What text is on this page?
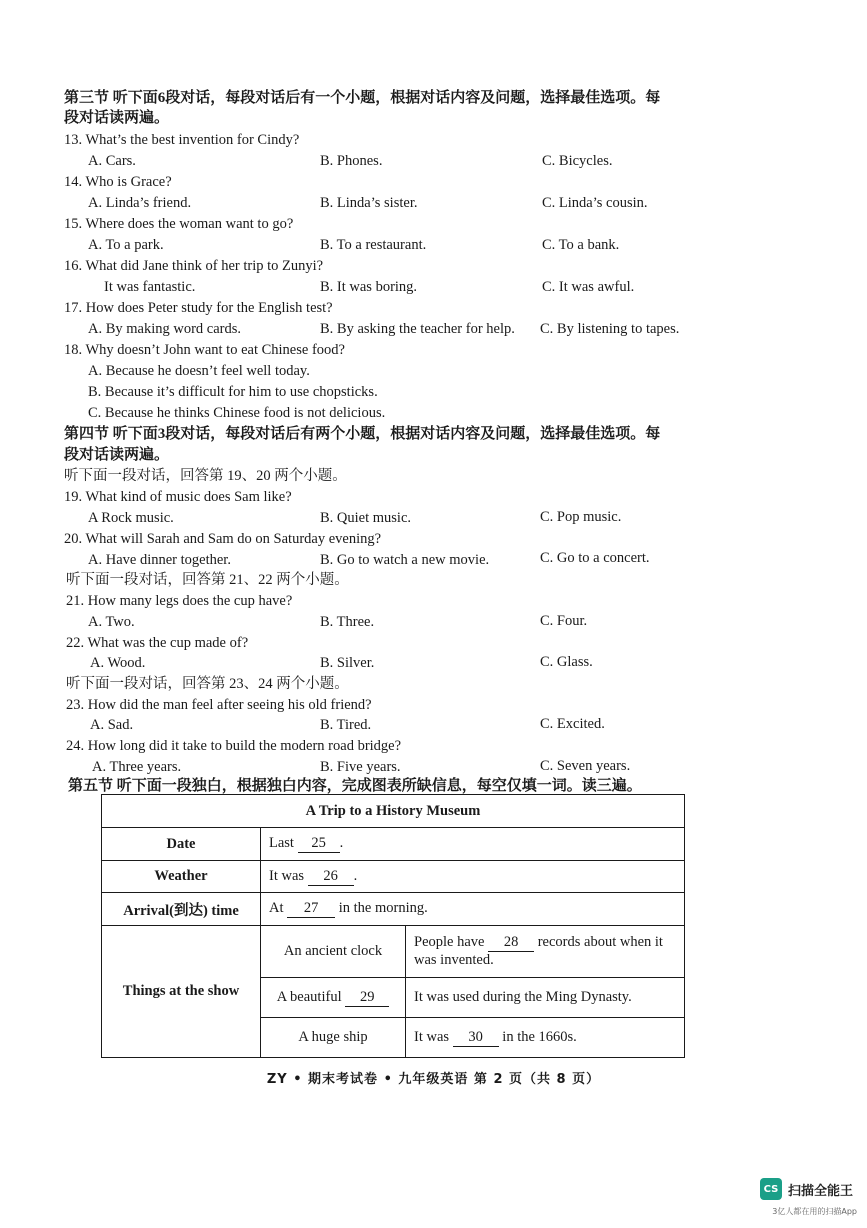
第三节 听下面6段对话，每段对话后有一个小题，根据对话内容及问题，选择最佳选项。每
段对话读两遍。
13. What’s the best invention for Cindy?
A. Cars.	B. Phones.	C. Bicycles.
14. Who is Grace?
A. Linda’s friend.	B. Linda’s sister.	C. Linda’s cousin.
15. Where does the woman want to go?
A. To a park.	B. To a restaurant.	C. To a bank.
16. What did Jane think of her trip to Zunyi?
It was fantastic.	B. It was boring.	C. It was awful.
17. How does Peter study for the English test?
A. By making word cards.	B. By asking the teacher for help. C. By listening to tapes.
18. Why doesn’t John want to eat Chinese food?
A. Because he doesn’t feel well today.
B. Because it’s difficult for him to use chopsticks.
C. Because he thinks Chinese food is not delicious.
第四节 听下面3段对话，每段对话后有两个小题，根据对话内容及问题，选择最佳选项。每
段对话读两遍。
听下面一段对话，回答第 19、20 两个小题。
19. What kind of music does Sam like?
A Rock music.	B. Quiet music.	C. Pop music.
20. What will Sarah and Sam do on Saturday evening?
A. Have dinner together.	B. Go to watch a new movie.	C. Go to a concert.
听下面一段对话，回答第 21、22 两个小题。
21. How many legs does the cup have?
A. Two.	B. Three.	C. Four.
22. What was the cup made of?
A. Wood.	B. Silver.	C. Glass.
听下面一段对话，回答第 23、24 两个小题。
23. How did the man feel after seeing his old friend?
A. Sad.	B. Tired.	C. Excited.
24. How long did it take to build the modern road bridge?
A. Three years.	B. Five years.	C. Seven years.
第五节 听下面一段独白，根据独白内容，完成图表所缺信息，每空仅填一词。读三遍。
A Trip to a History Museum		
Date	Last 25 .	
Weather	It was 26 .	
Arrival(到达) time	At 27 in the morning.	
Things at the show	An ancient clock	People have 28 records about when it was invented.
	A beautiful 29	It was used during the Ming Dynasty.
	A huge ship	It was 30 in the 1660s.
ZY • 期末考试卷 • 九年级英语 第 2 页（共 8 页）
CS 扫描全能王
3亿人都在用的扫描App
